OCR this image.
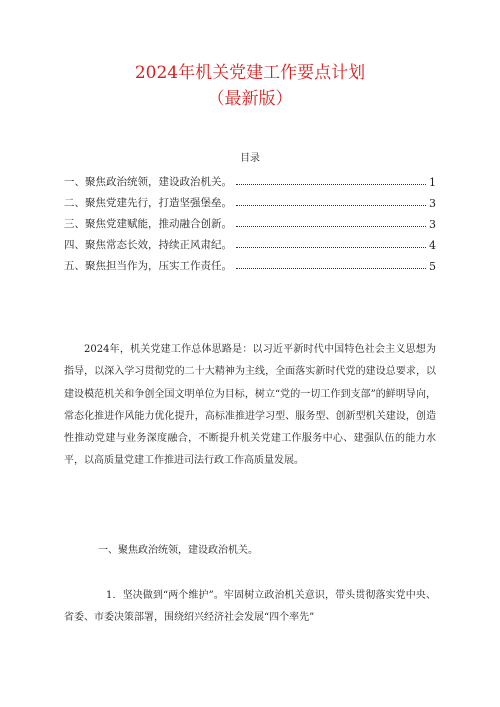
2024年机关党建工作要点计划
（最新版）
目录
一、聚焦政治统领，建设政治机关。	1
二、聚焦党建先行，打造坚强堡垒。	3
三、聚焦党建赋能，推动融合创新。	3
四、聚焦常态长效，持续正风肃纪。	4
五、聚焦担当作为，压实工作责任。	5

2024年，机关党建工作总体思路是：以习近平新时代中国特色社会主义思想为指导，以深入学习贯彻党的二十大精神为主线，全面落实新时代党的建设总要求，以建设模范机关和争创全国文明单位为目标，树立“党的一切工作到支部”的鲜明导向，常态化推进作风能力优化提升，高标准推进学习型、服务型、创新型机关建设，创造性推动党建与业务深度融合，不断提升机关党建工作服务中心、建强队伍的能力水平，以高质量党建工作推进司法行政工作高质量发展。

一、聚焦政治统领，建设政治机关。

1．坚决做到“两个维护”。牢固树立政治机关意识，带头贯彻落实党中央、省委、市委决策部署，围绕绍兴经济社会发展“四个率先”
